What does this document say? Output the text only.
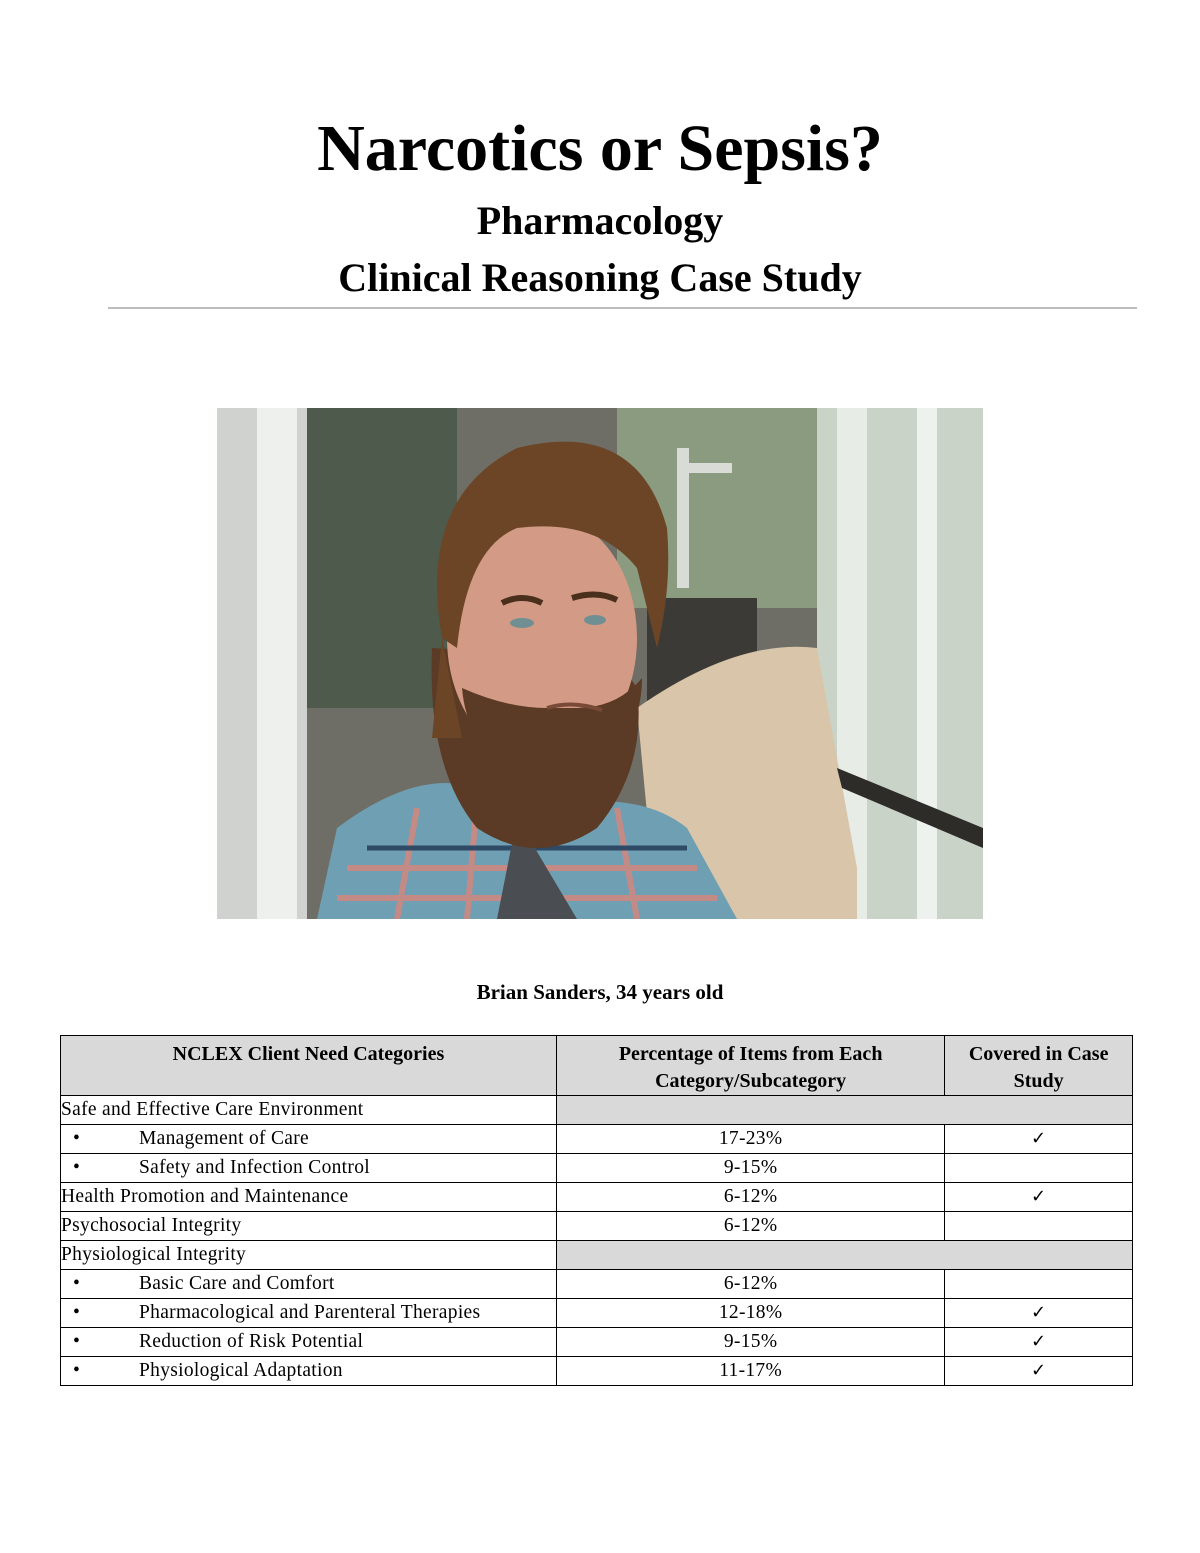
Narcotics or Sepsis?
Pharmacology
Clinical Reasoning Case Study
Brian Sanders, 34 years old
NCLEX Client Need Categories	Percentage of Items from Each Category/Subcategory	Covered in Case Study
Safe and Effective Care Environment		
• Management of Care	17-23%	✓
• Safety and Infection Control	9-15%	
Health Promotion and Maintenance	6-12%	✓
Psychosocial Integrity	6-12%	
Physiological Integrity		
• Basic Care and Comfort	6-12%	
• Pharmacological and Parenteral Therapies	12-18%	✓
• Reduction of Risk Potential	9-15%	✓
• Physiological Adaptation	11-17%	✓
